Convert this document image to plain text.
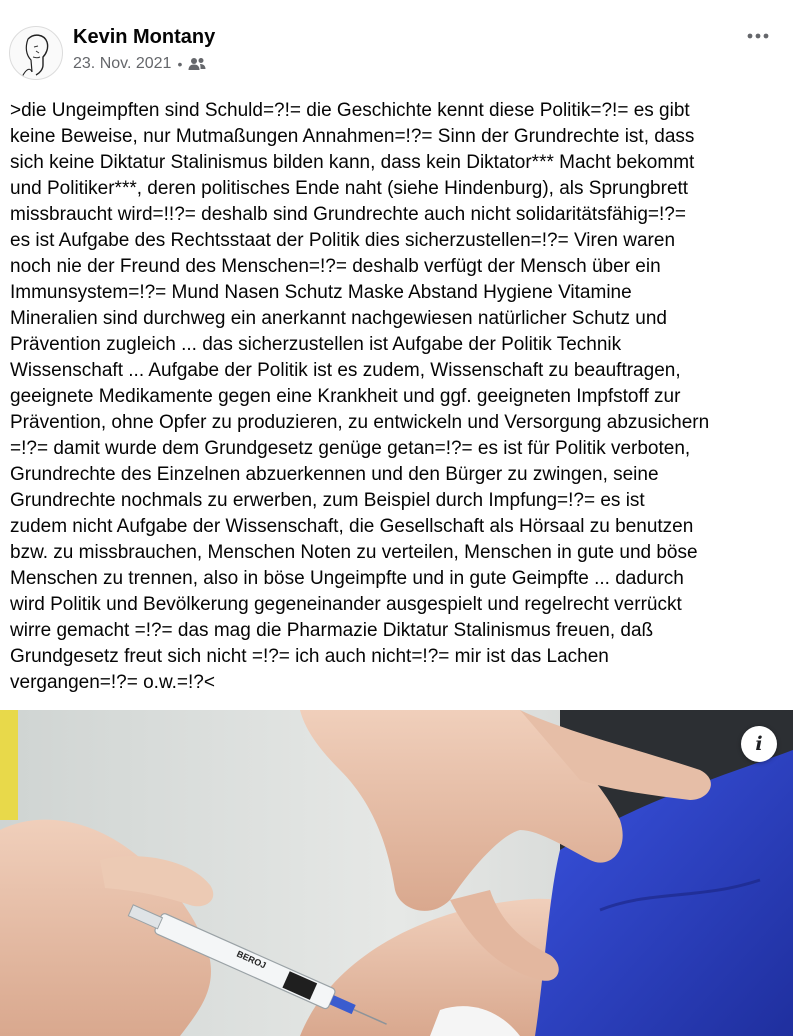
Kevin Montany
23. Nov. 2021 •
>die Ungeimpften sind Schuld=?!= die Geschichte kennt diese Politik=?!= es gibt
keine Beweise, nur Mutmaßungen Annahmen=!?= Sinn der Grundrechte ist, dass
sich keine Diktatur Stalinismus bilden kann, dass kein Diktator*** Macht bekommt
und Politiker***, deren politisches Ende naht (siehe Hindenburg), als Sprungbrett
missbraucht wird=!!?= deshalb sind Grundrechte auch nicht solidaritätsfähig=!?=
es ist Aufgabe des Rechtsstaat der Politik dies sicherzustellen=!?= Viren waren
noch nie der Freund des Menschen=!?= deshalb verfügt der Mensch über ein
Immunsystem=!?= Mund Nasen Schutz Maske Abstand Hygiene Vitamine
Mineralien sind durchweg ein anerkannt nachgewiesen natürlicher Schutz und
Prävention zugleich ... das sicherzustellen ist Aufgabe der Politik Technik
Wissenschaft ... Aufgabe der Politik ist es zudem, Wissenschaft zu beauftragen,
geeignete Medikamente gegen eine Krankheit und ggf. geeigneten Impfstoff zur
Prävention, ohne Opfer zu produzieren, zu entwickeln und Versorgung abzusichern
=!?= damit wurde dem Grundgesetz genüge getan=!?= es ist für Politik verboten,
Grundrechte des Einzelnen abzuerkennen und den Bürger zu zwingen, seine
Grundrechte nochmals zu erwerben, zum Beispiel durch Impfung=!?= es ist
zudem nicht Aufgabe der Wissenschaft, die Gesellschaft als Hörsaal zu benutzen
bzw. zu missbrauchen, Menschen Noten zu verteilen, Menschen in gute und böse
Menschen zu trennen, also in böse Ungeimpfte und in gute Geimpfte ... dadurch
wird Politik und Bevölkerung gegeneinander ausgespielt und regelrecht verrückt
wirre gemacht =!?= das mag die Pharmazie Diktatur Stalinismus freuen, daß
Grundgesetz freut sich nicht =!?= ich auch nicht=!?= mir ist das Lachen
vergangen=!?= o.w.=!?<
BEROJ
i
